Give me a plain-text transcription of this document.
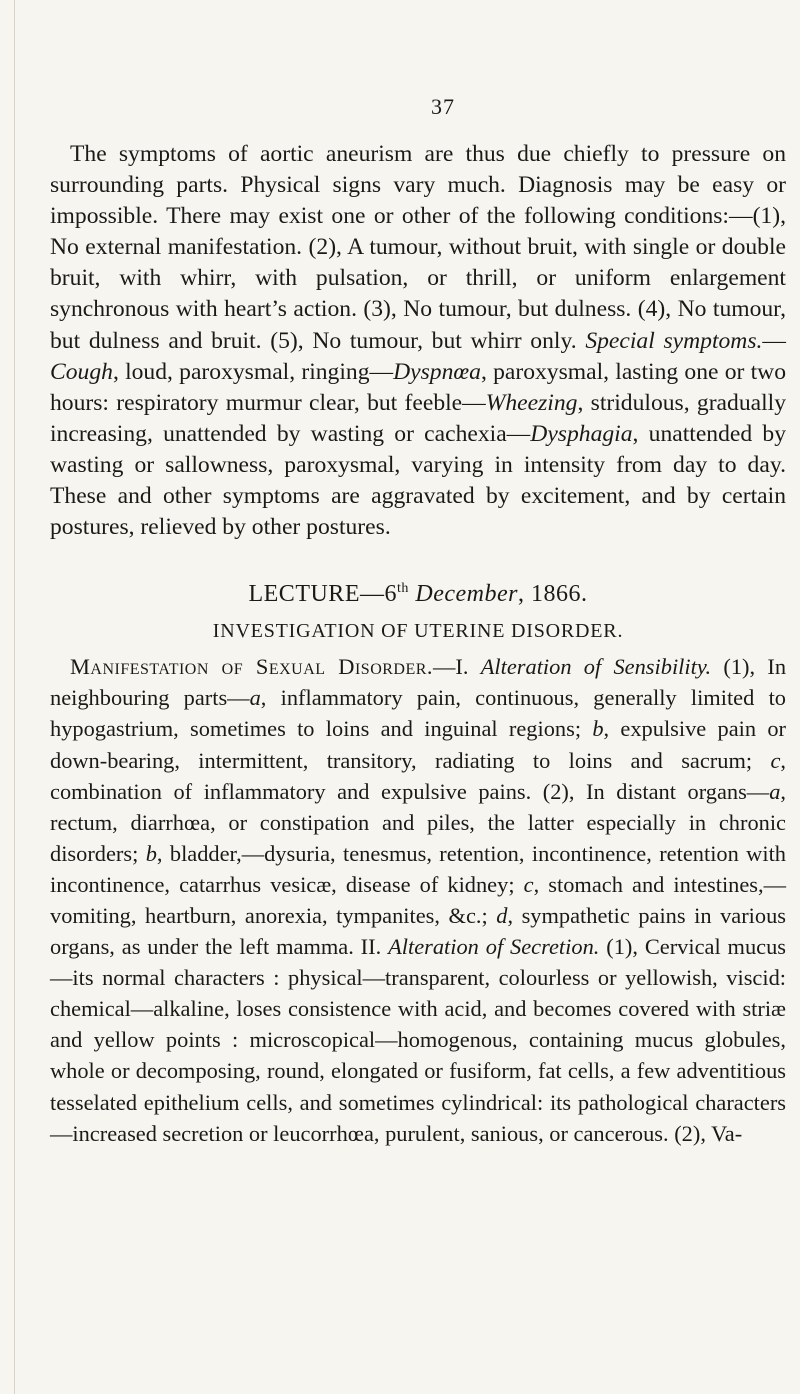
37

The symptoms of aortic aneurism are thus due chiefly to pressure on surrounding parts. Physical signs vary much. Diagnosis may be easy or impossible. There may exist one or other of the following conditions:—(1), No external manifestation. (2), A tumour, without bruit, with single or double bruit, with whirr, with pulsation, or thrill, or uniform enlargement synchronous with heart’s action. (3), No tumour, but dulness. (4), No tumour, but dulness and bruit. (5), No tumour, but whirr only. Special symptoms.—Cough, loud, paroxysmal, ringing—Dyspnœa, paroxysmal, lasting one or two hours: respiratory murmur clear, but feeble—Wheezing, stridulous, gradually increasing, unattended by wasting or cachexia—Dysphagia, unattended by wasting or sallowness, paroxysmal, varying in intensity from day to day. These and other symptoms are aggravated by excitement, and by certain postures, relieved by other postures.

LECTURE—6th December, 1866.
INVESTIGATION OF UTERINE DISORDER.

Manifestation of Sexual Disorder.—I. Alteration of Sensibility. (1), In neighbouring parts—a, inflammatory pain, continuous, generally limited to hypogastrium, sometimes to loins and inguinal regions; b, expulsive pain or down-bearing, intermittent, transitory, radiating to loins and sacrum; c, combination of inflammatory and expulsive pains. (2), In distant organs—a, rectum, diarrhœa, or constipation and piles, the latter especially in chronic disorders; b, bladder,—dysuria, tenesmus, retention, incontinence, retention with incontinence, catarrhus vesicæ, disease of kidney; c, stomach and intestines,—vomiting, heartburn, anorexia, tympanites, &c.; d, sympathetic pains in various organs, as under the left mamma. II. Alteration of Secretion. (1), Cervical mucus—its normal characters : physical—transparent, colourless or yellowish, viscid: chemical—alkaline, loses consistence with acid, and becomes covered with striæ and yellow points : microscopical—homogenous, containing mucus globules, whole or decomposing, round, elongated or fusiform, fat cells, a few adventitious tesselated epithelium cells, and sometimes cylindrical: its pathological characters—increased secretion or leucorrhœa, purulent, sanious, or cancerous. (2), Va-
